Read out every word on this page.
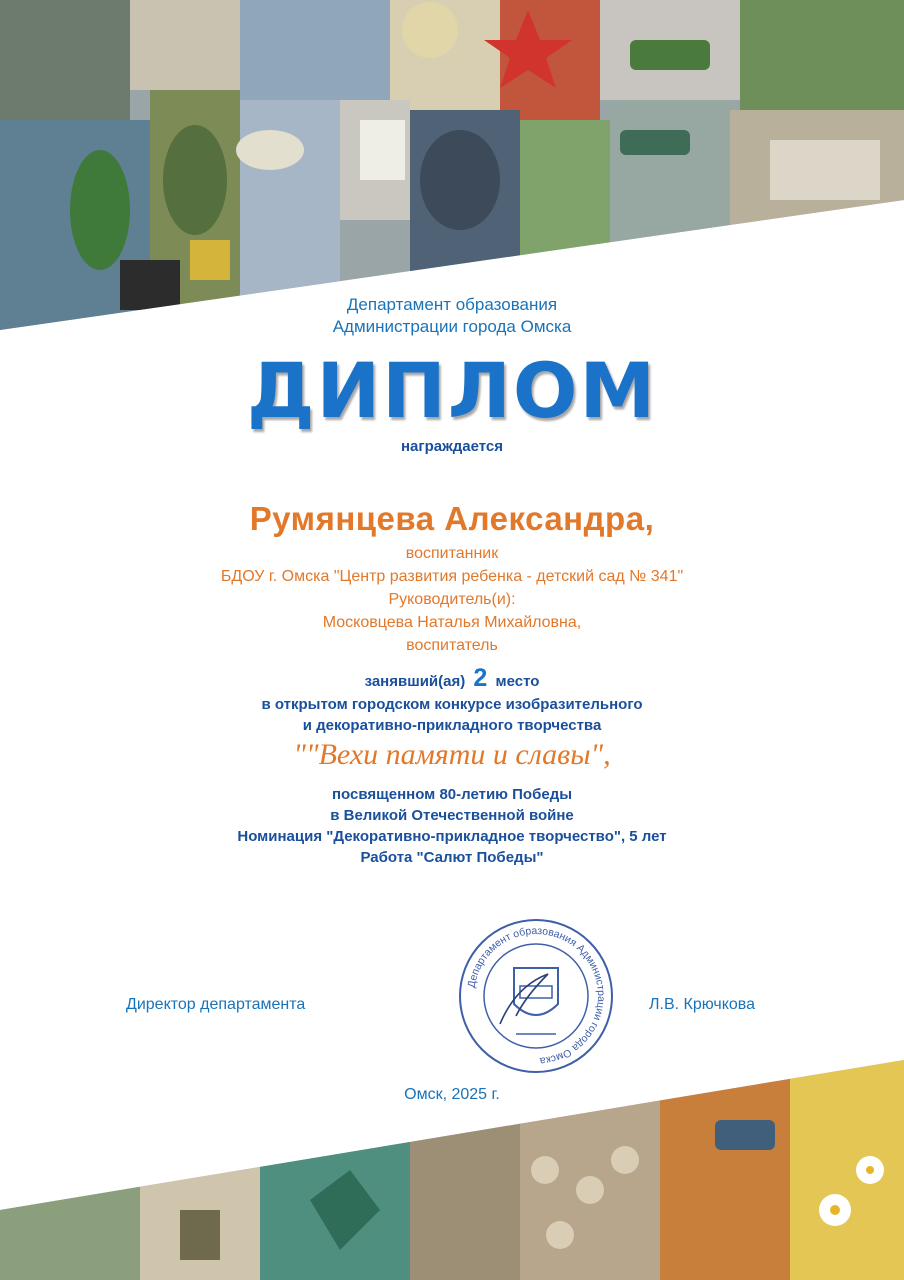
Департамент образования
Администрации города Омска
ДИПЛОМ
награждается
Румянцева Александра,
воспитанник
БДОУ г. Омска "Центр развития ребенка - детский сад № 341"
Руководитель(и):
Московцева Наталья Михайловна,
воспитатель
занявший(ая) 2 место
в открытом городском конкурсе изобразительного
и декоративно-прикладного творчества
""Вехи памяти и славы",
посвященном 80-летию Победы
в Великой Отечественной войне
Номинация "Декоративно-прикладное творчество", 5 лет
Работа "Салют Победы"
Департамент образования Администрации города Омска
Директор департамента	Л.В. Крючкова
Омск, 2025 г.
